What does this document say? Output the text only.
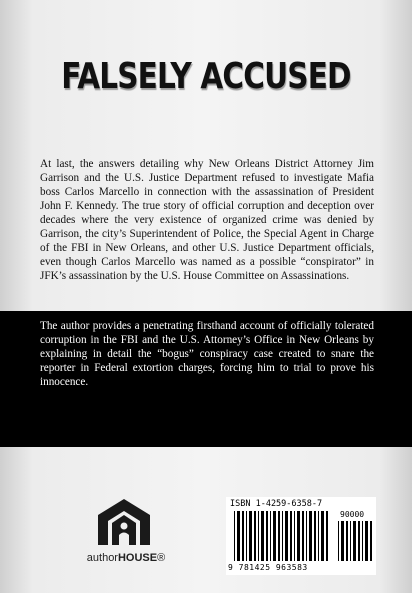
FALSELY ACCUSED

At last, the answers detailing why New Orleans District Attorney Jim Garrison and the U.S. Justice Department refused to investigate Mafia boss Carlos Marcello in connection with the assassination of President John F. Kennedy. The true story of official corruption and deception over decades where the very existence of organized crime was denied by Garrison, the city’s Superintendent of Police, the Special Agent in Charge of the FBI in New Orleans, and other U.S. Justice Department officials, even though Carlos Marcello was named as a possible “conspirator” in JFK’s assassination by the U.S. House Committee on Assassinations.

The author provides a penetrating firsthand account of officially tolerated corruption in the FBI and the U.S. Attorney’s Office in New Orleans by explaining in detail the “bogus” conspiracy case created to snare the reporter in Federal extortion charges, forcing him to trial to prove his innocence.

authorHOUSE®
ISBN 1-4259-6358-7
90000
9 781425 963583
